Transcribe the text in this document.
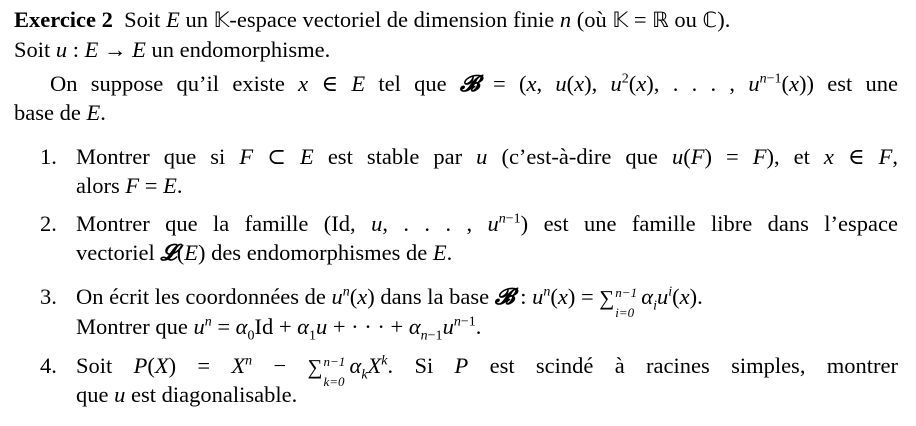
Exercice 2  Soit E un 𝕂-espace vectoriel de dimension finie n (où 𝕂 = ℝ ou ℂ).
Soit u : E → E un endomorphisme.
On suppose qu’il existe x ∈ E tel que 𝓑 = (x, u(x), $u^2(x)$, . . . , $u^{n-1}(x)$) est une
base de E.
1. Montrer que si F ⊂ E est stable par u (c’est-à-dire que u(F) = F), et x ∈ F,
alors F = E.
2. Montrer que la famille (Id, u, . . . , $u^{n-1}$) est une famille libre dans l’espace
vectoriel 𝓛(E) des endomorphismes de E.
3. On écrit les coordonnées de $u^n(x)$ dans la base 𝓑 : $u^n(x)$ = ∑ n−1
i=0
$\alpha_iu^i(x)$.
Montrer que $u^n = \alpha_0Id + \alpha_1u$ + · · · + $\alpha_{n-1}u^{n-1}$.
4. Soit $P(X) = X^n$ − ∑ n−1
k=0
$\alpha_kX^k$. Si P est scindé à racines simples, montrer
que u est diagonalisable.
